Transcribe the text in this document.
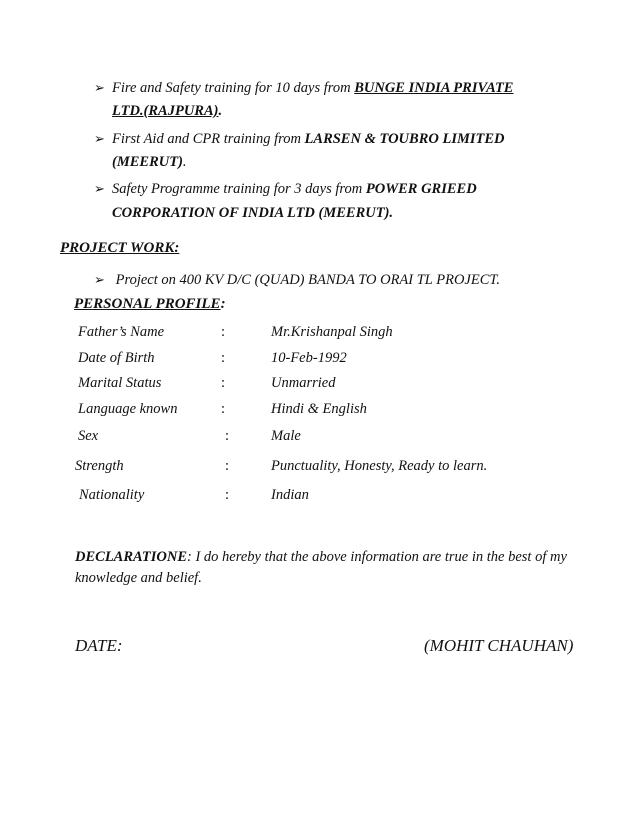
➢ Fire and Safety training for 10 days from BUNGE INDIA PRIVATE
LTD.(RAJPURA).
➢ First Aid and CPR training from LARSEN & TOUBRO LIMITED
(MEERUT).
➢ Safety Programme training for 3 days from POWER GRIEED
CORPORATION OF INDIA LTD (MEERUT).
PROJECT WORK:
➢ Project on 400 KV D/C (QUAD) BANDA TO ORAI TL PROJECT.
PERSONAL PROFILE:
Father’s Name	:	Mr.Krishanpal Singh
Date of Birth	:	10-Feb-1992
Marital Status	:	Unmarried
Language known	:	Hindi & English
Sex	:	Male
Strength	:	Punctuality, Honesty, Ready to learn.
Nationality	:	Indian
DECLARATIONE: I do hereby that the above information are true in the best of my knowledge and belief.
DATE:	(MOHIT CHAUHAN)
